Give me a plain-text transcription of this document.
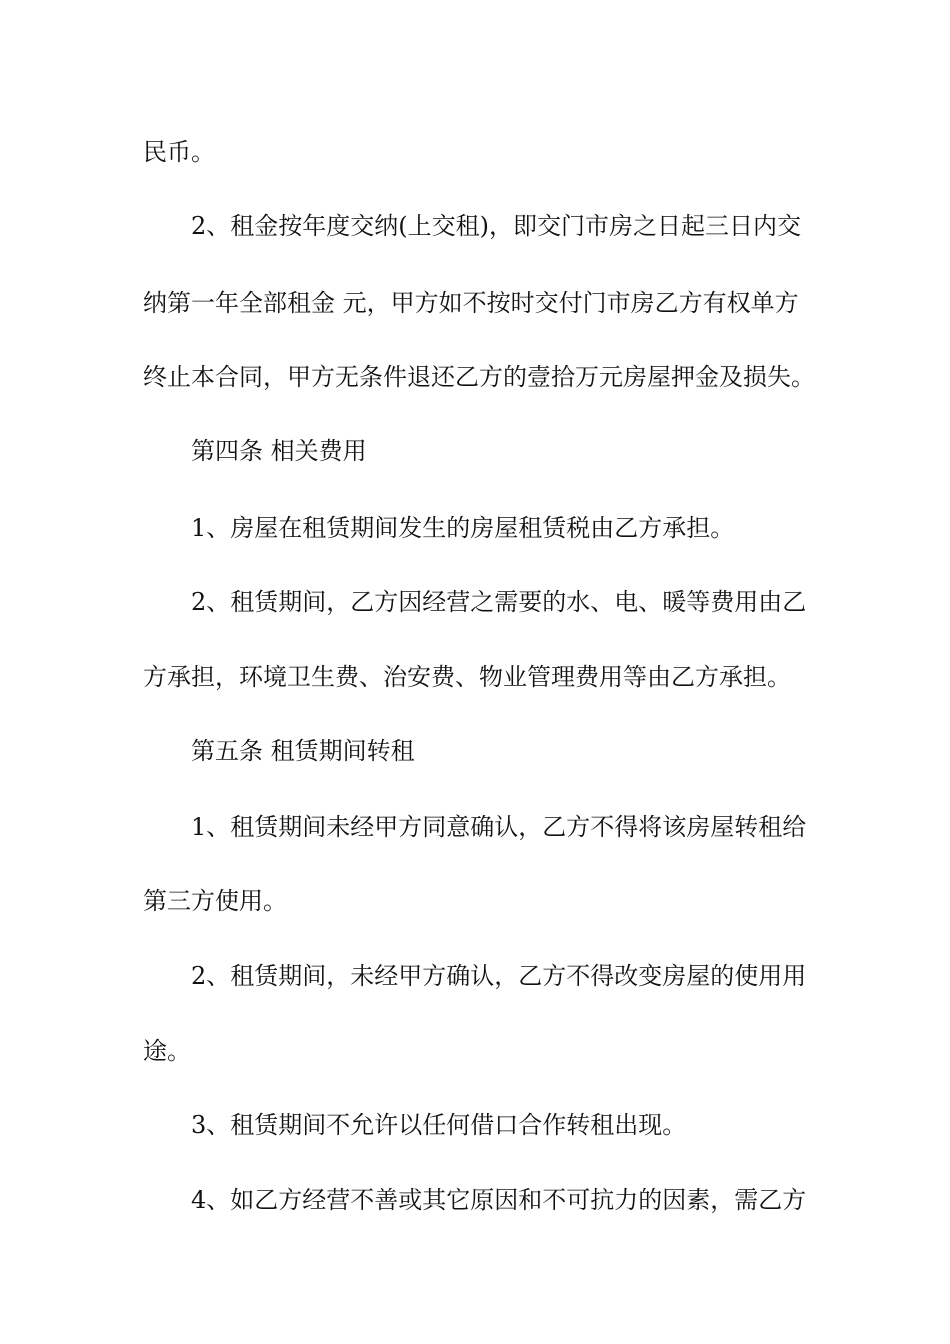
民币。
2、租金按年度交纳(上交租)，即交门市房之日起三日内交
纳第一年全部租金 元，甲方如不按时交付门市房乙方有权单方
终止本合同，甲方无条件退还乙方的壹拾万元房屋押金及损失。
第四条 相关费用
1、房屋在租赁期间发生的房屋租赁税由乙方承担。
2、租赁期间，乙方因经营之需要的水、电、暖等费用由乙
方承担，环境卫生费、治安费、物业管理费用等由乙方承担。
第五条 租赁期间转租
1、租赁期间未经甲方同意确认，乙方不得将该房屋转租给
第三方使用。
2、租赁期间，未经甲方确认，乙方不得改变房屋的使用用
途。
3、租赁期间不允许以任何借口合作转租出现。
4、如乙方经营不善或其它原因和不可抗力的因素，需乙方
